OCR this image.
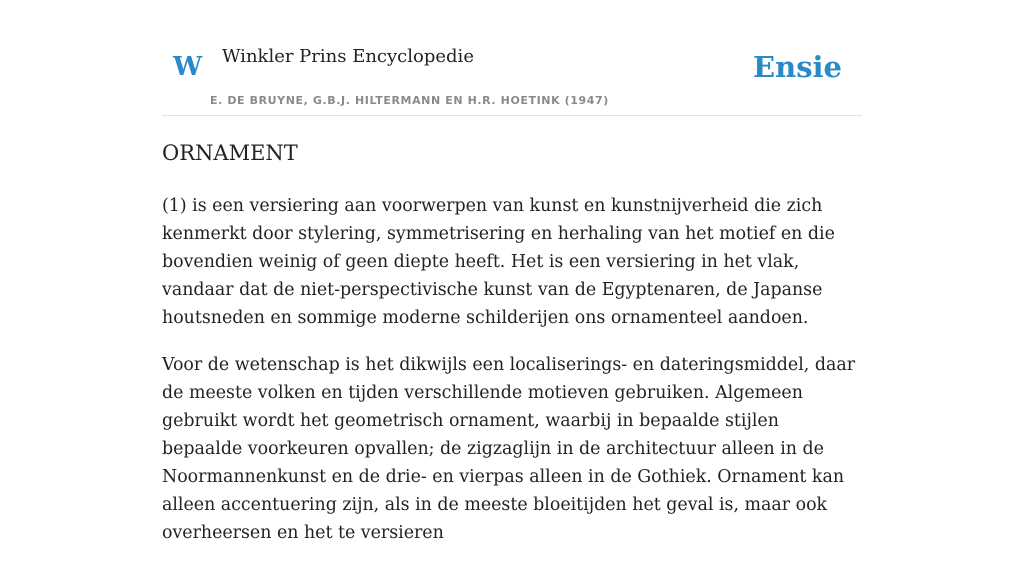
W Winkler Prins Encyclopedie
E. DE BRUYNE, G.B.J. HILTERMANN EN H.R. HOETINK (1947)
Ensie
ORNAMENT

(1) is een versiering aan voorwerpen van kunst en kunstnijverheid die zich kenmerkt door stylering, symmetrisering en herhaling van het motief en die bovendien weinig of geen diepte heeft. Het is een versiering in het vlak, vandaar dat de niet-perspectivische kunst van de Egyptenaren, de Japanse houtsneden en sommige moderne schilderijen ons ornamenteel aandoen.

Voor de wetenschap is het dikwijls een localiserings- en dateringsmiddel, daar de meeste volken en tijden verschillende motieven gebruiken. Algemeen gebruikt wordt het geometrisch ornament, waarbij in bepaalde stijlen bepaalde voorkeuren opvallen; de zigzaglijn in de architectuur alleen in de Noormannenkunst en de drie- en vierpas alleen in de Gothiek. Ornament kan alleen accentuering zijn, als in de meeste bloeitijden het geval is, maar ook overheersen en het te versieren
